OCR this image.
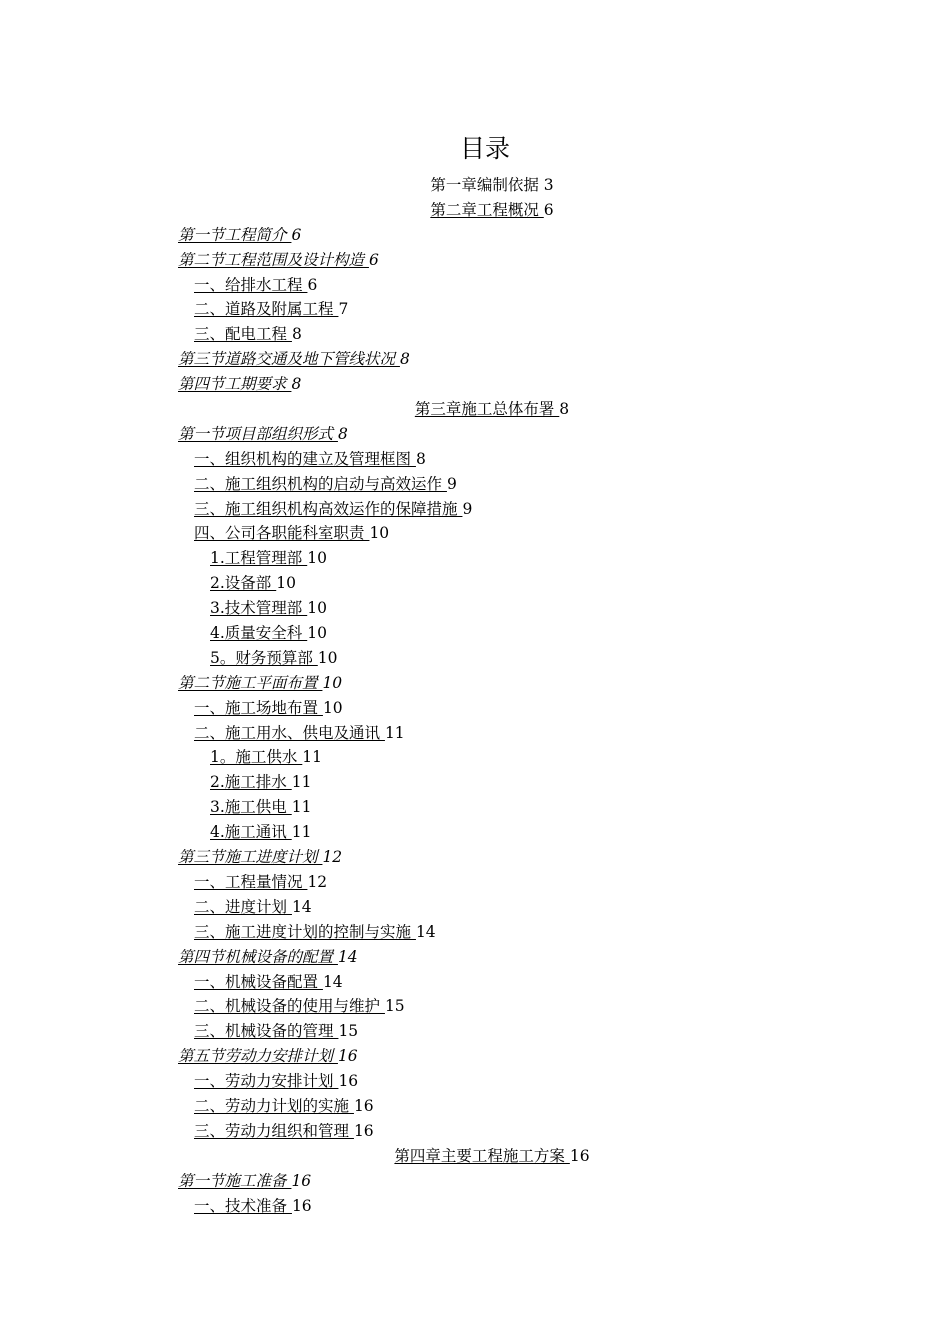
目录
第一章编制依据 3
第二章工程概况 6
第一节工程简介 6
第二节工程范围及设计构造 6
一、给排水工程 6
二、道路及附属工程 7
三、配电工程 8
第三节道路交通及地下管线状况 8
第四节工期要求 8
第三章施工总体布署 8
第一节项目部组织形式 8
一、组织机构的建立及管理框图 8
二、施工组织机构的启动与高效运作 9
三、施工组织机构高效运作的保障措施 9
四、公司各职能科室职责 10
1.工程管理部 10
2.设备部 10
3.技术管理部 10
4.质量安全科 10
5。财务预算部 10
第二节施工平面布置 10
一、施工场地布置 10
二、施工用水、供电及通讯 11
1。施工供水 11
2.施工排水 11
3.施工供电 11
4.施工通讯 11
第三节施工进度计划 12
一、工程量情况 12
二、进度计划 14
三、施工进度计划的控制与实施 14
第四节机械设备的配置 14
一、机械设备配置 14
二、机械设备的使用与维护 15
三、机械设备的管理 15
第五节劳动力安排计划 16
一、劳动力安排计划 16
二、劳动力计划的实施 16
三、劳动力组织和管理 16
第四章主要工程施工方案 16
第一节施工准备 16
一、技术准备 16
